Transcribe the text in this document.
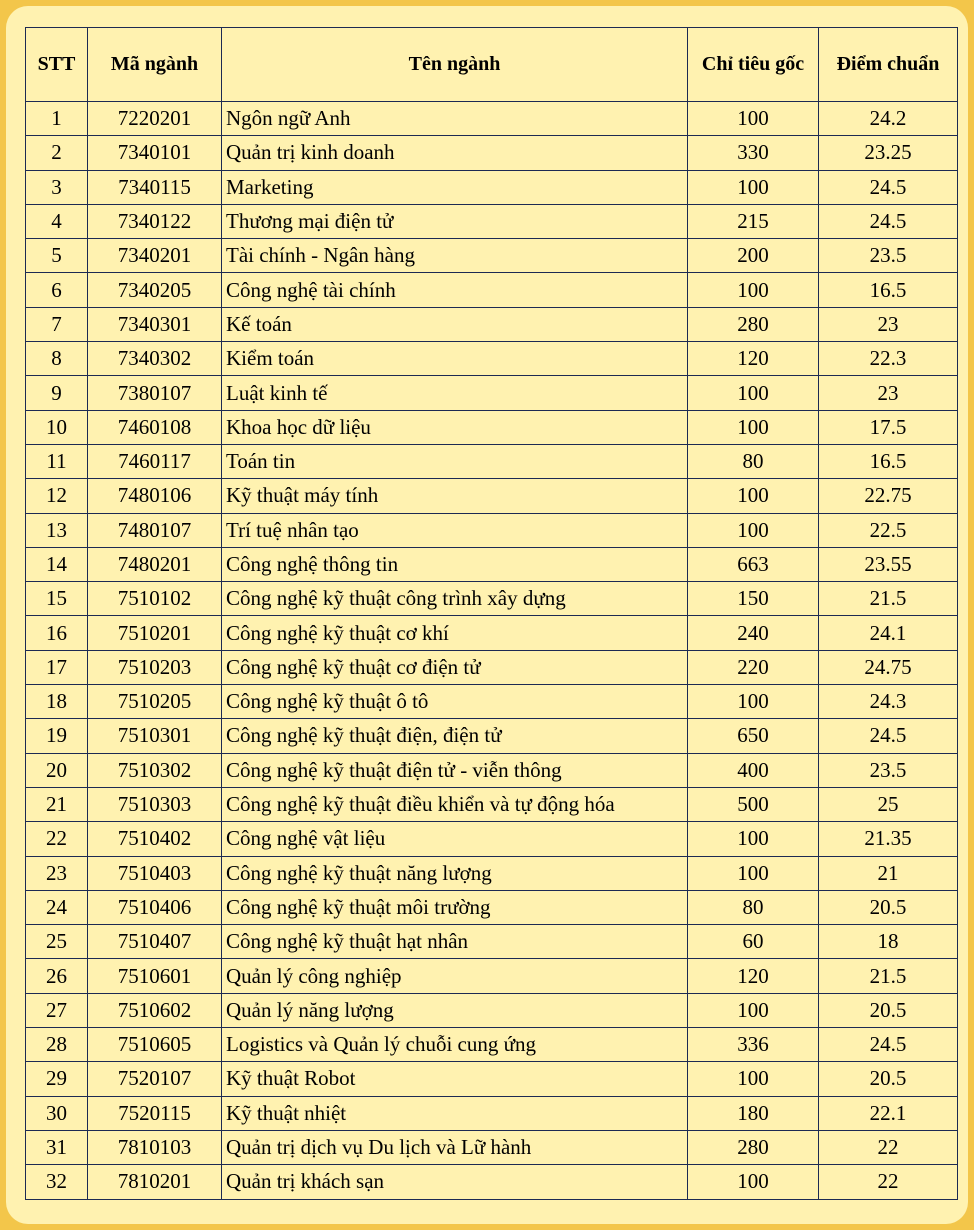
STT	Mã ngành	Tên ngành	Chỉ tiêu gốc	Điểm chuẩn
1	7220201	Ngôn ngữ Anh	100	24.2
2	7340101	Quản trị kinh doanh	330	23.25
3	7340115	Marketing	100	24.5
4	7340122	Thương mại điện tử	215	24.5
5	7340201	Tài chính - Ngân hàng	200	23.5
6	7340205	Công nghệ tài chính	100	16.5
7	7340301	Kế toán	280	23
8	7340302	Kiểm toán	120	22.3
9	7380107	Luật kinh tế	100	23
10	7460108	Khoa học dữ liệu	100	17.5
11	7460117	Toán tin	80	16.5
12	7480106	Kỹ thuật máy tính	100	22.75
13	7480107	Trí tuệ nhân tạo	100	22.5
14	7480201	Công nghệ thông tin	663	23.55
15	7510102	Công nghệ kỹ thuật công trình xây dựng	150	21.5
16	7510201	Công nghệ kỹ thuật cơ khí	240	24.1
17	7510203	Công nghệ kỹ thuật cơ điện tử	220	24.75
18	7510205	Công nghệ kỹ thuật ô tô	100	24.3
19	7510301	Công nghệ kỹ thuật điện, điện tử	650	24.5
20	7510302	Công nghệ kỹ thuật điện tử - viễn thông	400	23.5
21	7510303	Công nghệ kỹ thuật điều khiển và tự động hóa	500	25
22	7510402	Công nghệ vật liệu	100	21.35
23	7510403	Công nghệ kỹ thuật năng lượng	100	21
24	7510406	Công nghệ kỹ thuật môi trường	80	20.5
25	7510407	Công nghệ kỹ thuật hạt nhân	60	18
26	7510601	Quản lý công nghiệp	120	21.5
27	7510602	Quản lý năng lượng	100	20.5
28	7510605	Logistics và Quản lý chuỗi cung ứng	336	24.5
29	7520107	Kỹ thuật Robot	100	20.5
30	7520115	Kỹ thuật nhiệt	180	22.1
31	7810103	Quản trị dịch vụ Du lịch và Lữ hành	280	22
32	7810201	Quản trị khách sạn	100	22
